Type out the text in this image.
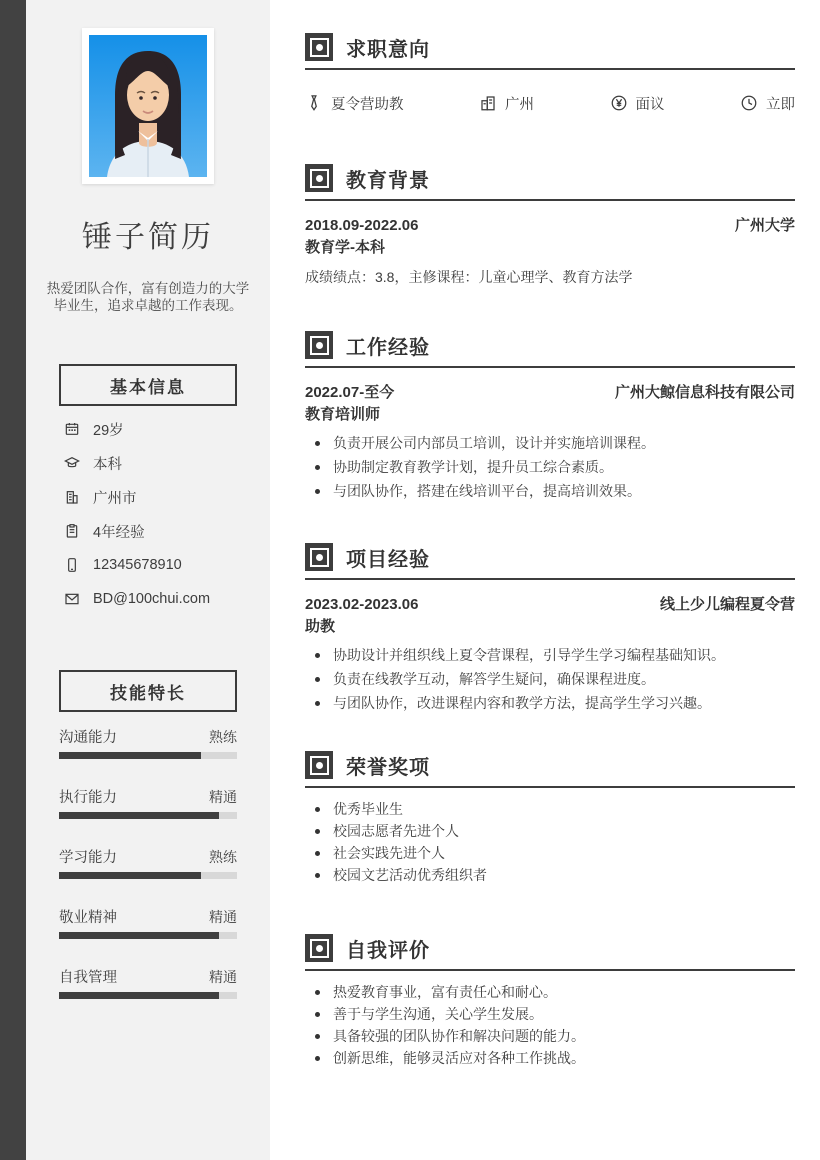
锤子简历
热爱团队合作，富有创造力的大学毕业生，追求卓越的工作表现。
基本信息
29岁
本科
广州市
4年经验
12345678910
BD@100chui.com
技能特长
沟通能力	熟练
执行能力	精通
学习能力	熟练
敬业精神	精通
自我管理	精通
求职意向
夏令营助教	广州	面议	立即
教育背景
2018.09-2022.06	广州大学
教育学-本科
成绩绩点：3.8，主修课程：儿童心理学、教育方法学
工作经验
2022.07-至今	广州大鲸信息科技有限公司
教育培训师
负责开展公司内部员工培训，设计并实施培训课程。
协助制定教育教学计划，提升员工综合素质。
与团队协作，搭建在线培训平台，提高培训效果。
项目经验
2023.02-2023.06	线上少儿编程夏令营
助教
协助设计并组织线上夏令营课程，引导学生学习编程基础知识。
负责在线教学互动，解答学生疑问，确保课程进度。
与团队协作，改进课程内容和教学方法，提高学生学习兴趣。
荣誉奖项
优秀毕业生
校园志愿者先进个人
社会实践先进个人
校园文艺活动优秀组织者
自我评价
热爱教育事业，富有责任心和耐心。
善于与学生沟通，关心学生发展。
具备较强的团队协作和解决问题的能力。
创新思维，能够灵活应对各种工作挑战。
